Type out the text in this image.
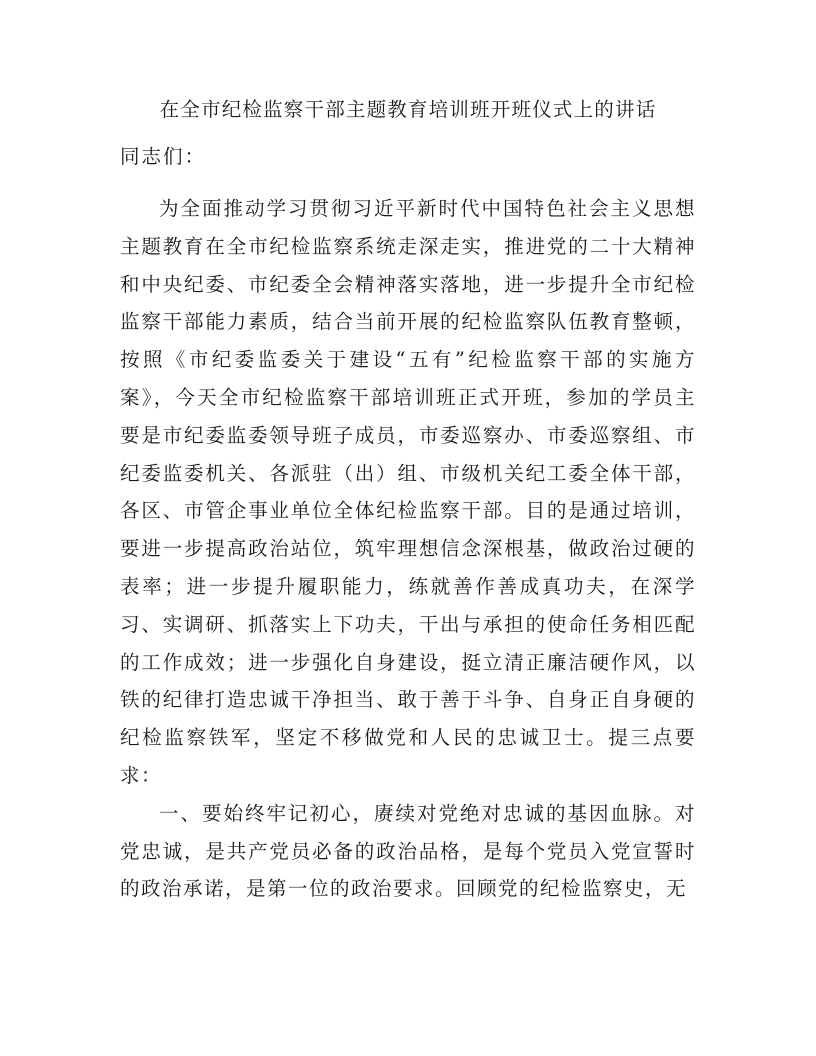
在全市纪检监察干部主题教育培训班开班仪式上的讲话
同志们：

为全面推动学习贯彻习近平新时代中国特色社会主义思想主题教育在全市纪检监察系统走深走实，推进党的二十大精神和中央纪委、市纪委全会精神落实落地，进一步提升全市纪检监察干部能力素质，结合当前开展的纪检监察队伍教育整顿，按照《市纪委监委关于建设“五有”纪检监察干部的实施方案》，今天全市纪检监察干部培训班正式开班，参加的学员主要是市纪委监委领导班子成员，市委巡察办、市委巡察组、市纪委监委机关、各派驻（出）组、市级机关纪工委全体干部，各区、市管企事业单位全体纪检监察干部。目的是通过培训，要进一步提高政治站位，筑牢理想信念深根基，做政治过硬的表率；进一步提升履职能力，练就善作善成真功夫，在深学习、实调研、抓落实上下功夫，干出与承担的使命任务相匹配的工作成效；进一步强化自身建设，挺立清正廉洁硬作风，以铁的纪律打造忠诚干净担当、敢于善于斗争、自身正自身硬的纪检监察铁军，坚定不移做党和人民的忠诚卫士。提三点要求：

一、要始终牢记初心，赓续对党绝对忠诚的基因血脉。对党忠诚，是共产党员必备的政治品格，是每个党员入党宣誓时的政治承诺，是第一位的政治要求。回顾党的纪检监察史，无
